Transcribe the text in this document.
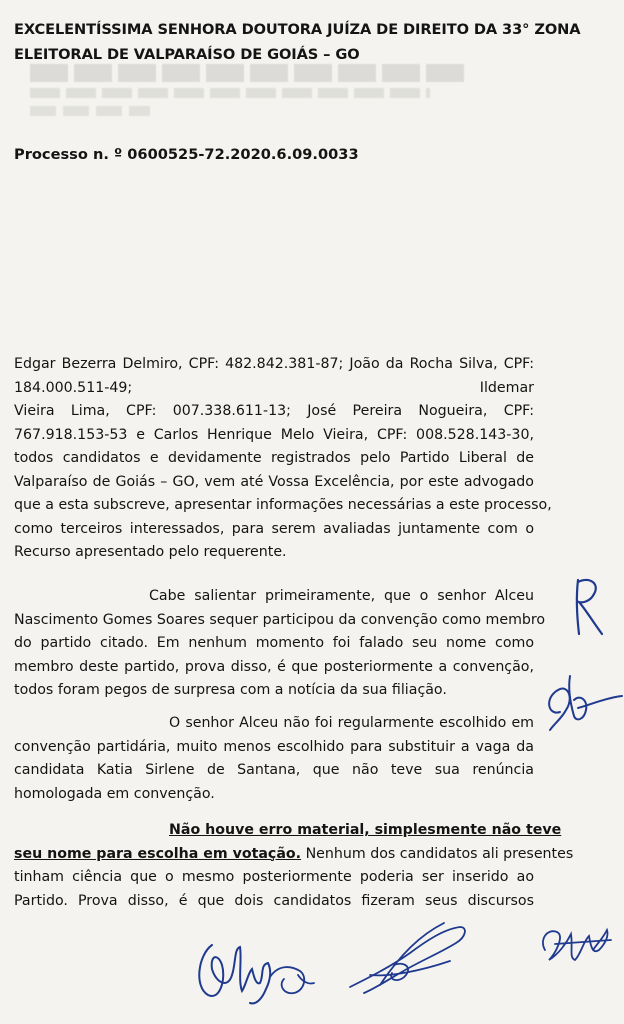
EXCELENTÍSSIMA SENHORA DOUTORA JUÍZA DE DIREITO DA 33° ZONA
ELEITORAL DE VALPARAÍSO DE GOIÁS – GO
Processo n. º 0600525-72.2020.6.09.0033
Edgar Bezerra Delmiro, CPF: 482.842.381-87; João da Rocha Silva, CPF:
184.000.511-49;	Ildemar
Vieira Lima, CPF: 007.338.611-13; José Pereira Nogueira, CPF:
767.918.153-53 e Carlos Henrique Melo Vieira, CPF: 008.528.143-30,
todos candidatos e devidamente registrados pelo Partido Liberal de
Valparaíso de Goiás – GO, vem até Vossa Excelência, por este advogado
que a esta subscreve, apresentar informações necessárias a este processo,
como terceiros interessados, para serem avaliadas juntamente com o
Recurso apresentado pelo requerente.
Cabe salientar primeiramente, que o senhor Alceu
Nascimento Gomes Soares sequer participou da convenção como membro
do partido citado. Em nenhum momento foi falado seu nome como
membro deste partido, prova disso, é que posteriormente a convenção,
todos foram pegos de surpresa com a notícia da sua filiação.
O senhor Alceu não foi regularmente escolhido em
convenção partidária, muito menos escolhido para substituir a vaga da
candidata Katia Sirlene de Santana, que não teve sua renúncia
homologada em convenção.
Não houve erro material, simplesmente não teve
seu nome para escolha em votação. Nenhum dos candidatos ali presentes
tinham ciência que o mesmo posteriormente poderia ser inserido ao
Partido. Prova disso, é que dois candidatos fizeram seus discursos
